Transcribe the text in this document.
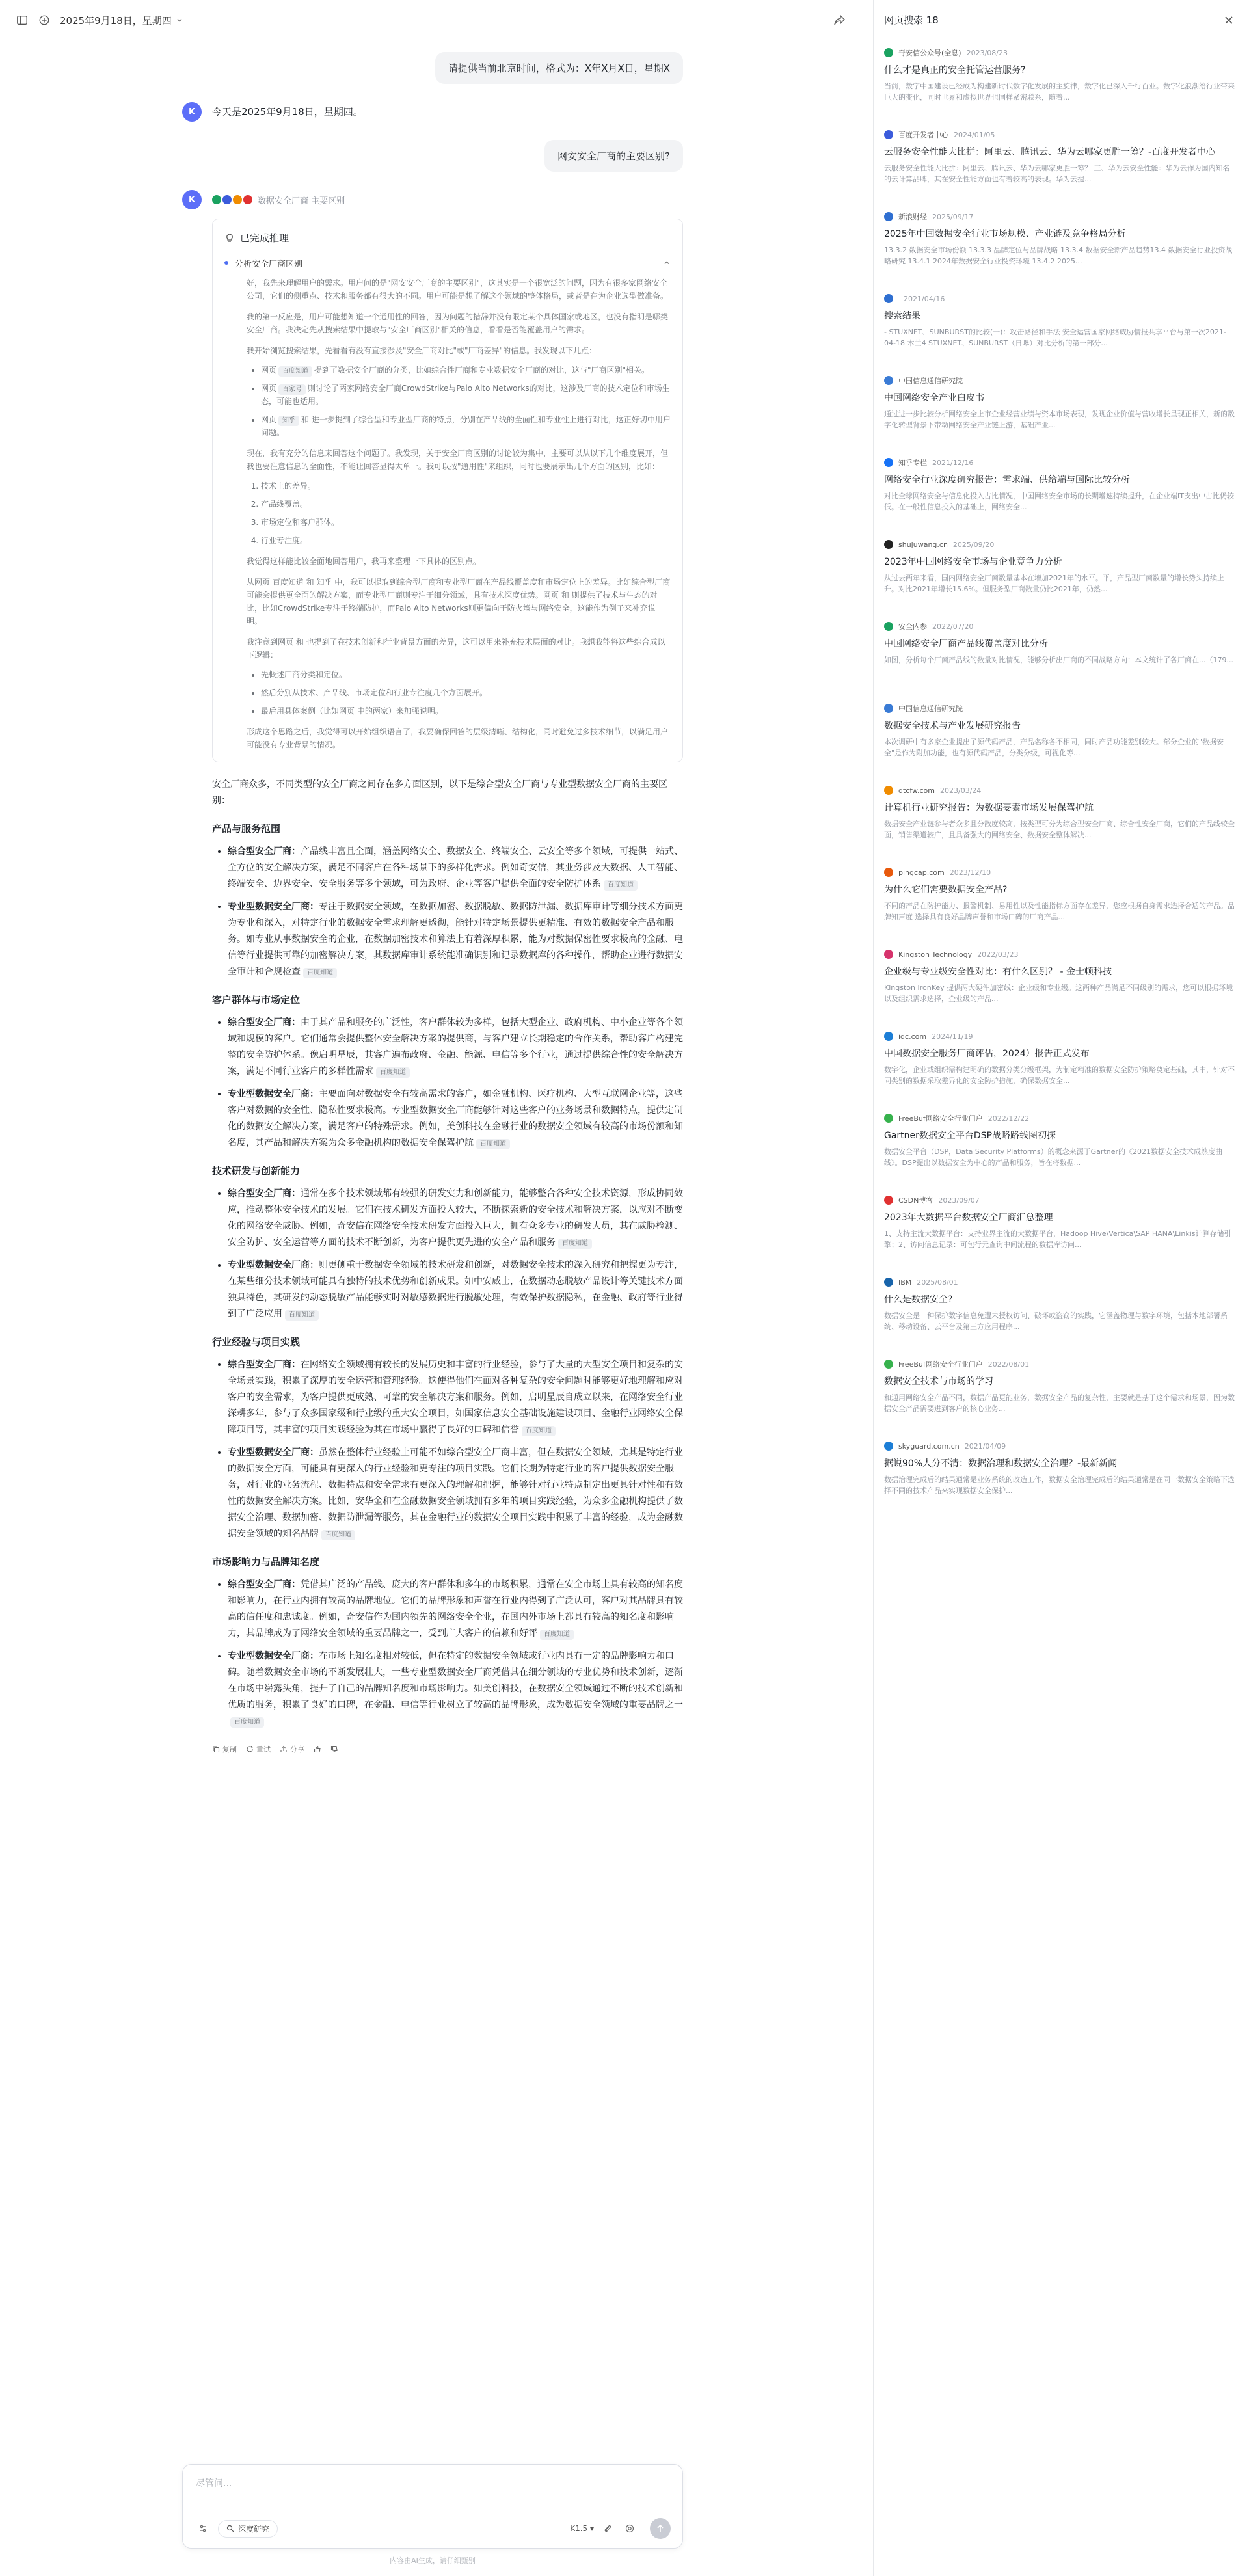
2025年9月18日，星期四
请提供当前北京时间，格式为：X年X月X日，星期X
K	今天是2025年9月18日，星期四。
网安安全厂商的主要区别?
K	数据安全厂商 主要区别
已完成推理
分析安全厂商区别

好，我先来理解用户的需求。用户问的是"网安安全厂商的主要区别"，这其实是一个很宽泛的问题，因为有很多家网络安全公司，它们的侧重点、技术和服务都有很大的不同。用户可能是想了解这个领域的整体格局，或者是在为企业选型做准备。

我的第一反应是，用户可能想知道一个通用性的回答，因为问题的措辞并没有限定某个具体国家或地区，也没有指明是哪类安全厂商。我决定先从搜索结果中提取与"安全厂商区别"相关的信息，看看是否能覆盖用户的需求。

我开始浏览搜索结果，先看看有没有直接涉及"安全厂商对比"或"厂商差异"的信息。我发现以下几点：

• 网页 百度知道 提到了数据安全厂商的分类，比如综合性厂商和专业数据安全厂商的对比，这与"厂商区别"相关。
• 网页 百家号 则讨论了两家网络安全厂商CrowdStrike与Palo Alto Networks的对比，这涉及厂商的技术定位和市场生态，可能也适用。
• 网页 知乎 和 进一步提到了综合型和专业型厂商的特点，分别在产品线的全面性和专业性上进行对比，这正好切中用户问题。

现在，我有充分的信息来回答这个问题了。我发现，关于安全厂商区别的讨论较为集中，主要可以从以下几个维度展开，但我也要注意信息的全面性，不能让回答显得太单一。我可以按"通用性"来组织，同时也要展示出几个方面的区别，比如：

1. 技术上的差异。
2. 产品线覆盖。
3. 市场定位和客户群体。
4. 行业专注度。

我觉得这样能比较全面地回答用户，我再来整理一下具体的区别点。

从网页 百度知道 和 知乎 中，我可以提取到综合型厂商和专业型厂商在产品线覆盖度和市场定位上的差异。比如综合型厂商可能会提供更全面的解决方案，而专业型厂商则专注于细分领域，具有技术深度优势。网页 和 则提供了技术与生态的对比，比如CrowdStrike专注于终端防护，而Palo Alto Networks则更偏向于防火墙与网络安全，这能作为例子来补充说明。

我注意到网页 和 也提到了在技术创新和行业背景方面的差异，这可以用来补充技术层面的对比。我想我能将这些综合成以下逻辑：

• 先概述厂商分类和定位。
• 然后分别从技术、产品线、市场定位和行业专注度几个方面展开。
• 最后用具体案例（比如网页 中的两家）来加强说明。

形成这个思路之后，我觉得可以开始组织语言了，我要确保回答的层级清晰、结构化，同时避免过多技术细节，以满足用户可能没有专业背景的情况。

安全厂商众多，不同类型的安全厂商之间存在多方面区别，以下是综合型安全厂商与专业型数据安全厂商的主要区别：
产品与服务范围
• 综合型安全厂商：产品线丰富且全面，涵盖网络安全、数据安全、终端安全、云安全等多个领域，可提供一站式、全方位的安全解决方案，满足不同客户在各种场景下的多样化需求。例如奇安信，其业务涉及大数据、人工智能、终端安全、边界安全、安全服务等多个领域，可为政府、企业等客户提供全面的安全防护体系 百度知道
• 专业型数据安全厂商：专注于数据安全领域，在数据加密、数据脱敏、数据防泄漏、数据库审计等细分技术方面更为专业和深入，对特定行业的数据安全需求理解更透彻，能针对特定场景提供更精准、有效的数据安全产品和服务。如专业从事数据安全的企业，在数据加密技术和算法上有着深厚积累，能为对数据保密性要求极高的金融、电信等行业提供可靠的加密解决方案，其数据库审计系统能准确识别和记录数据库的各种操作，帮助企业进行数据安全审计和合规检查 百度知道
客户群体与市场定位
• 综合型安全厂商：由于其产品和服务的广泛性，客户群体较为多样，包括大型企业、政府机构、中小企业等各个领域和规模的客户。它们通常会提供整体安全解决方案的提供商，与客户建立长期稳定的合作关系，帮助客户构建完整的安全防护体系。像启明星辰，其客户遍布政府、金融、能源、电信等多个行业，通过提供综合性的安全解决方案，满足不同行业客户的多样性需求 百度知道
• 专业型数据安全厂商：主要面向对数据安全有较高需求的客户，如金融机构、医疗机构、大型互联网企业等，这些客户对数据的安全性、隐私性要求极高。专业型数据安全厂商能够针对这些客户的业务场景和数据特点，提供定制化的数据安全解决方案，满足客户的特殊需求。例如，美创科技在金融行业的数据安全领域有较高的市场份额和知名度，其产品和解决方案为众多金融机构的数据安全保驾护航 百度知道
技术研发与创新能力
• 综合型安全厂商：通常在多个技术领域都有较强的研发实力和创新能力，能够整合各种安全技术资源，形成协同效应，推动整体安全技术的发展。它们在技术研发方面投入较大，不断探索新的安全技术和解决方案，以应对不断变化的网络安全威胁。例如，奇安信在网络安全技术研发方面投入巨大，拥有众多专业的研发人员，其在威胁检测、安全防护、安全运营等方面的技术不断创新，为客户提供更先进的安全产品和服务 百度知道
• 专业型数据安全厂商：则更侧重于数据安全领域的技术研发和创新，对数据安全技术的深入研究和把握更为专注，在某些细分技术领域可能具有独特的技术优势和创新成果。如中安威士，在数据动态脱敏产品设计等关键技术方面独具特色，其研发的动态脱敏产品能够实时对敏感数据进行脱敏处理，有效保护数据隐私，在金融、政府等行业得到了广泛应用 百度知道
行业经验与项目实践
• 综合型安全厂商：在网络安全领域拥有较长的发展历史和丰富的行业经验，参与了大量的大型安全项目和复杂的安全场景实践，积累了深厚的安全运营和管理经验。这使得他们在面对各种复杂的安全问题时能够更好地理解和应对客户的安全需求，为客户提供更成熟、可靠的安全解决方案和服务。例如，启明星辰自成立以来，在网络安全行业深耕多年，参与了众多国家级和行业级的重大安全项目，如国家信息安全基础设施建设项目、金融行业网络安全保障项目等，其丰富的项目实践经验为其在市场中赢得了良好的口碑和信誉 百度知道
• 专业型数据安全厂商：虽然在整体行业经验上可能不如综合型安全厂商丰富，但在数据安全领域，尤其是特定行业的数据安全方面，可能具有更深入的行业经验和更专注的项目实践。它们长期为特定行业的客户提供数据安全服务，对行业的业务流程、数据特点和安全需求有更深入的理解和把握，能够针对行业特点制定出更具针对性和有效性的数据安全解决方案。比如，安华金和在金融数据安全领域拥有多年的项目实践经验，为众多金融机构提供了数据安全治理、数据加密、数据防泄漏等服务，其在金融行业的数据安全项目实践中积累了丰富的经验，成为金融数据安全领域的知名品牌 百度知道
市场影响力与品牌知名度
• 综合型安全厂商：凭借其广泛的产品线、庞大的客户群体和多年的市场积累，通常在安全市场上具有较高的知名度和影响力，在行业内拥有较高的品牌地位。它们的品牌形象和声誉在行业内得到了广泛认可，客户对其品牌具有较高的信任度和忠诚度。例如，奇安信作为国内领先的网络安全企业，在国内外市场上都具有较高的知名度和影响力，其品牌成为了网络安全领域的重要品牌之一，受到广大客户的信赖和好评 百度知道
• 专业型数据安全厂商：在市场上知名度相对较低，但在特定的数据安全领域或行业内具有一定的品牌影响力和口碑。随着数据安全市场的不断发展壮大，一些专业型数据安全厂商凭借其在细分领域的专业优势和技术创新，逐渐在市场中崭露头角，提升了自己的品牌知名度和市场影响力。如美创科技，在数据安全领域通过不断的技术创新和优质的服务，积累了良好的口碑，在金融、电信等行业树立了较高的品牌形象，成为数据安全领域的重要品牌之一百度知道
复制	重试	分享
尽管问...
深度研究	K1.5 ▾
内容由AI生成，请仔细甄别
网页搜索 18
奇安信公众号(全息) 2023/08/23
什么才是真正的安全托管运营服务?
当前，数字中国建设已经成为构建新时代数字化发展的主旋律，数字化已深入千行百业。数字化浪潮给行业带来巨大的变化，同时世界和虚拟世界也同样紧密联系，随着...
百度开发者中心 2024/01/05
云服务安全性能大比拼：阿里云、腾讯云、华为云哪家更胜一筹？-百度开发者中心
云服务安全性能大比拼：阿里云、腾讯云、华为云哪家更胜一筹？ 三、华为云安全性能：华为云作为国内知名的云计算品牌，其在安全性能方面也有着较高的表现。华为云提...
新浪财经 2025/09/17
2025年中国数据安全行业市场规模、产业链及竞争格局分析
13.3.2 数据安全市场份额 13.3.3 品牌定位与品牌战略 13.3.4 数据安全新产品趋势13.4 数据安全行业投资战略研究 13.4.1 2024年数据安全行业投资环境 13.4.2 2025...
2021/04/16
搜索结果
- STUXNET、SUNBURST的比较(一)：攻击路径和手法 安全运营国家网络威胁情报共享平台与第一次2021-04-18 木兰4 STUXNET、SUNBURST（日曝）对比分析的第一部分...
中国信息通信研究院
中国网络安全产业白皮书
通过进一步比较分析网络安全上市企业经营业绩与资本市场表现，发现企业价值与营收增长呈现正相关，新的数字化转型背景下带动网络安全产业链上游，基础产业...
知乎专栏 2021/12/16
网络安全行业深度研究报告：需求端、供给端与国际比较分析
对比全球网络安全与信息化投入占比情况，中国网络安全市场的长期增速持续提升，在企业端IT支出中占比仍较低。在一般性信息投入的基础上，网络安全...
shujuwang.cn 2025/09/20
2023年中国网络安全市场与企业竞争力分析
从过去两年来看，国内网络安全厂商数量基本在增加2021年的水平。平，产品型厂商数量的增长势头持续上升。对比2021年增长15.6%。但服务型厂商数量仍比2021年，仍然...
安全内参 2022/07/20
中国网络安全厂商产品线覆盖度对比分析
如图，分析每个厂商产品线的数量对比情况，能够分析出厂商的不同战略方向：本文统计了各厂商在...（179...
中国信息通信研究院
数据安全技术与产业发展研究报告
本次调研中有多家企业提出了源代码产品，产品名称各不相同，同时产品功能差别较大。部分企业的"数据安全"是作为附加功能，也有源代码产品，分类分级，可视化等...
dtcfw.com 2023/03/24
计算机行业研究报告：为数据要素市场发展保驾护航
数据安全产业链参与者众多且分散度较高，按类型可分为综合型安全厂商、综合性安全厂商，它们的产品线较全面，销售渠道较广，且具备强大的网络安全、数据安全整体解决...
pingcap.com 2023/12/10
为什么它们需要数据安全产品?
不同的产品在防护能力、报警机制、易用性以及性能指标方面存在差异，您应根据自身需求选择合适的产品。品牌知声度 选择具有良好品牌声誉和市场口碑的厂商产品...
Kingston Technology 2022/03/23
企业级与专业级安全性对比：有什么区别？ - 金士顿科技
Kingston IronKey 提供两大硬件加密线：企业级和专业级。这两种产品满足不同级别的需求，您可以根据环境以及组织需求选择，企业级的产品...
idc.com 2024/11/19
中国数据安全服务厂商评估，2024）报告正式发布
数字化，企业或组织需构建明确的数据分类分级框架，为制定精准的数据安全防护策略奠定基础，其中，针对不同类别的数据采取差异化的安全防护措施，确保数据安全...
FreeBuf网络安全行业门户 2022/12/22
Gartner数据安全平台DSP战略路线图初探
数据安全平台（DSP，Data Security Platforms）的概念来源于Gartner的《2021数据安全技术成熟度曲线》。DSP提出以数据安全为中心的产品和服务，旨在将数据...
CSDN博客 2023/09/07
2023年大数据平台数据安全厂商汇总整理
1、支持主流大数据平台：支持业界主流的大数据平台，Hadoop Hive\Vertica\SAP HANA\Linkis计算存储引擎；2、访问信息记录：可包行元查询中间流程的数据库访问...
IBM 2025/08/01
什么是数据安全?
数据安全是一种保护数字信息免遭未授权访问、破坏或盗窃的实践，它涵盖物理与数字环境，包括本地部署系统、移动设备、云平台及第三方应用程序...
FreeBuf网络安全行业门户 2022/08/01
数据安全技术与市场的学习
和通用网络安全产品不同，数据产品更能业务，数据安全产品的复杂性，主要就是基于这个需求和场景，因为数据安全产品需要进到客户的核心业务...
skyguard.com.cn 2021/04/09
据说90%人分不清：数据治理和数据安全治理？-最新新闻
数据治理完成后的结果通常是业务系统的改造工作，数据安全治理完成后的结果通常是在同一数据安全策略下选择不同的技术产品来实现数据安全保护...
